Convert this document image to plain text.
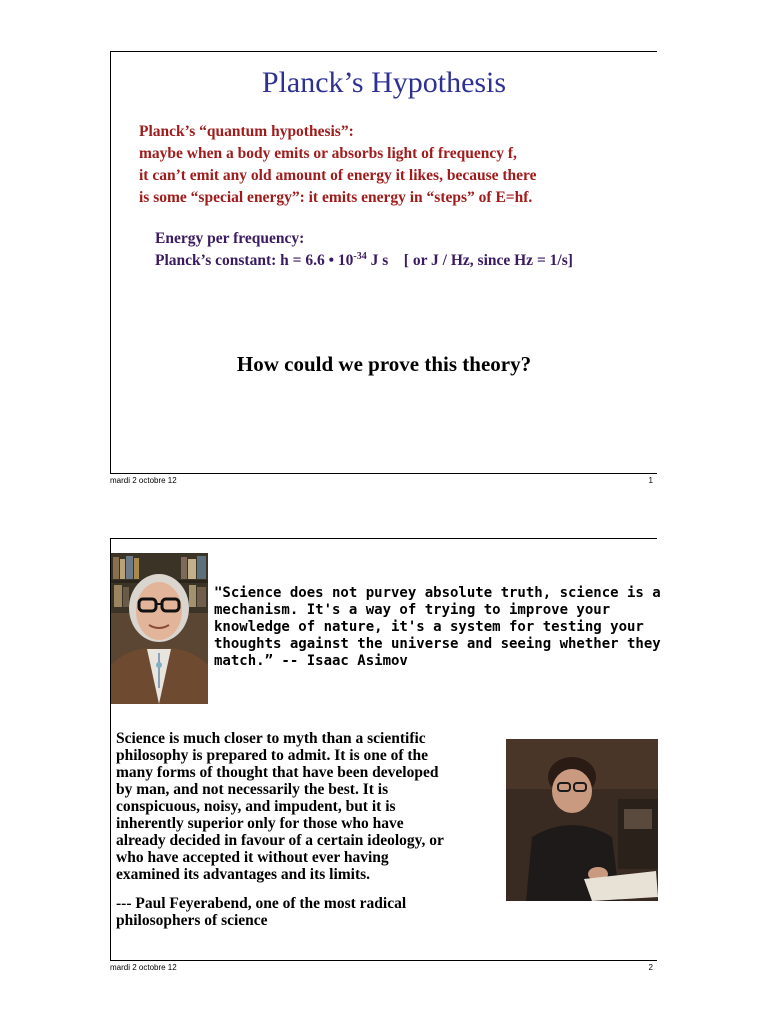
Planck’s Hypothesis
Planck’s “quantum hypothesis”:
maybe when a body emits or absorbs light of frequency f,
it can’t emit any old amount of energy it likes, because there
is some “special energy”: it emits energy in “steps” of E=hf.
Energy per frequency:
Planck’s constant: h = 6.6 • $10^{-34}$ J s    [ or J / Hz, since Hz = 1/s]
How could we prove this theory?
mardi 2 octobre 12	1
"Science does not purvey absolute truth, science is a
mechanism. It's a way of trying to improve your
knowledge of nature, it's a system for testing your
thoughts against the universe and seeing whether they
match.” -- Isaac Asimov
Science is much closer to myth than a scientific
philosophy is prepared to admit. It is one of the
many forms of thought that have been developed
by man, and not necessarily the best. It is
conspicuous, noisy, and impudent, but it is
inherently superior only for those who have
already decided in favour of a certain ideology, or
who have accepted it without ever having
examined its advantages and its limits.
--- Paul Feyerabend, one of the most radical
philosophers of science
mardi 2 octobre 12	2
